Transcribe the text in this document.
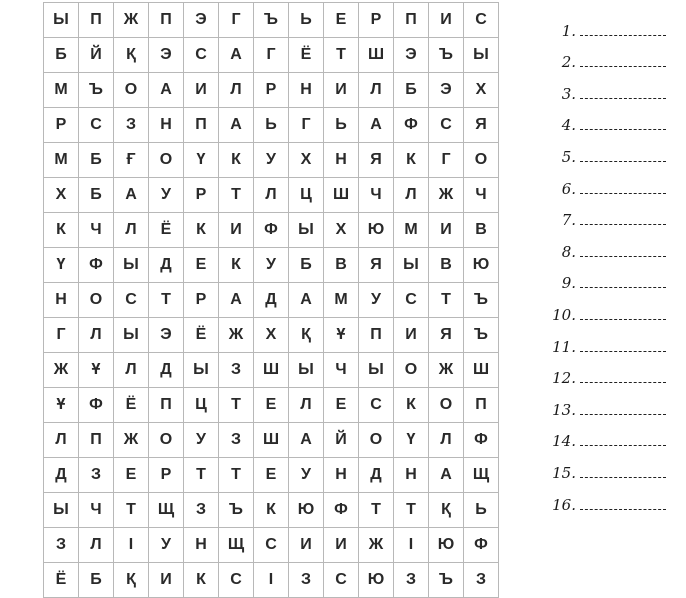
Ы	П	Ж	П	Э	Г	Ъ	Ь	Е	Р	П	И	С
Б	Й	Қ	Э	С	А	Г	Ё	Т	Ш	Э	Ъ	Ы
М	Ъ	О	А	И	Л	Р	Н	И	Л	Б	Э	Х
Р	С	З	Н	П	А	Ь	Г	Ь	А	Ф	С	Я
М	Б	Ғ	О	Ү	К	У	Х	Н	Я	К	Г	О
Х	Б	А	У	Р	Т	Л	Ц	Ш	Ч	Л	Ж	Ч
К	Ч	Л	Ё	К	И	Ф	Ы	Х	Ю	М	И	В
Ү	Ф	Ы	Д	Е	К	У	Б	В	Я	Ы	В	Ю
Н	О	С	Т	Р	А	Д	А	М	У	С	Т	Ъ
Г	Л	Ы	Э	Ё	Ж	Х	Қ	Ұ	П	И	Я	Ъ
Ж	Ұ	Л	Д	Ы	З	Ш	Ы	Ч	Ы	О	Ж	Ш
Ұ	Ф	Ё	П	Ц	Т	Е	Л	Е	С	К	О	П
Л	П	Ж	О	У	З	Ш	А	Й	О	Ү	Л	Ф
Д	З	Е	Р	Т	Т	Е	У	Н	Д	Н	А	Щ
Ы	Ч	Т	Щ	З	Ъ	К	Ю	Ф	Т	Т	Қ	Ь
З	Л	І	У	Н	Щ	С	И	И	Ж	І	Ю	Ф
Ё	Б	Қ	И	К	С	І	З	С	Ю	З	Ъ	З
1.
2.
3.
4.
5.
6.
7.
8.
9.
10.
11.
12.
13.
14.
15.
16.
